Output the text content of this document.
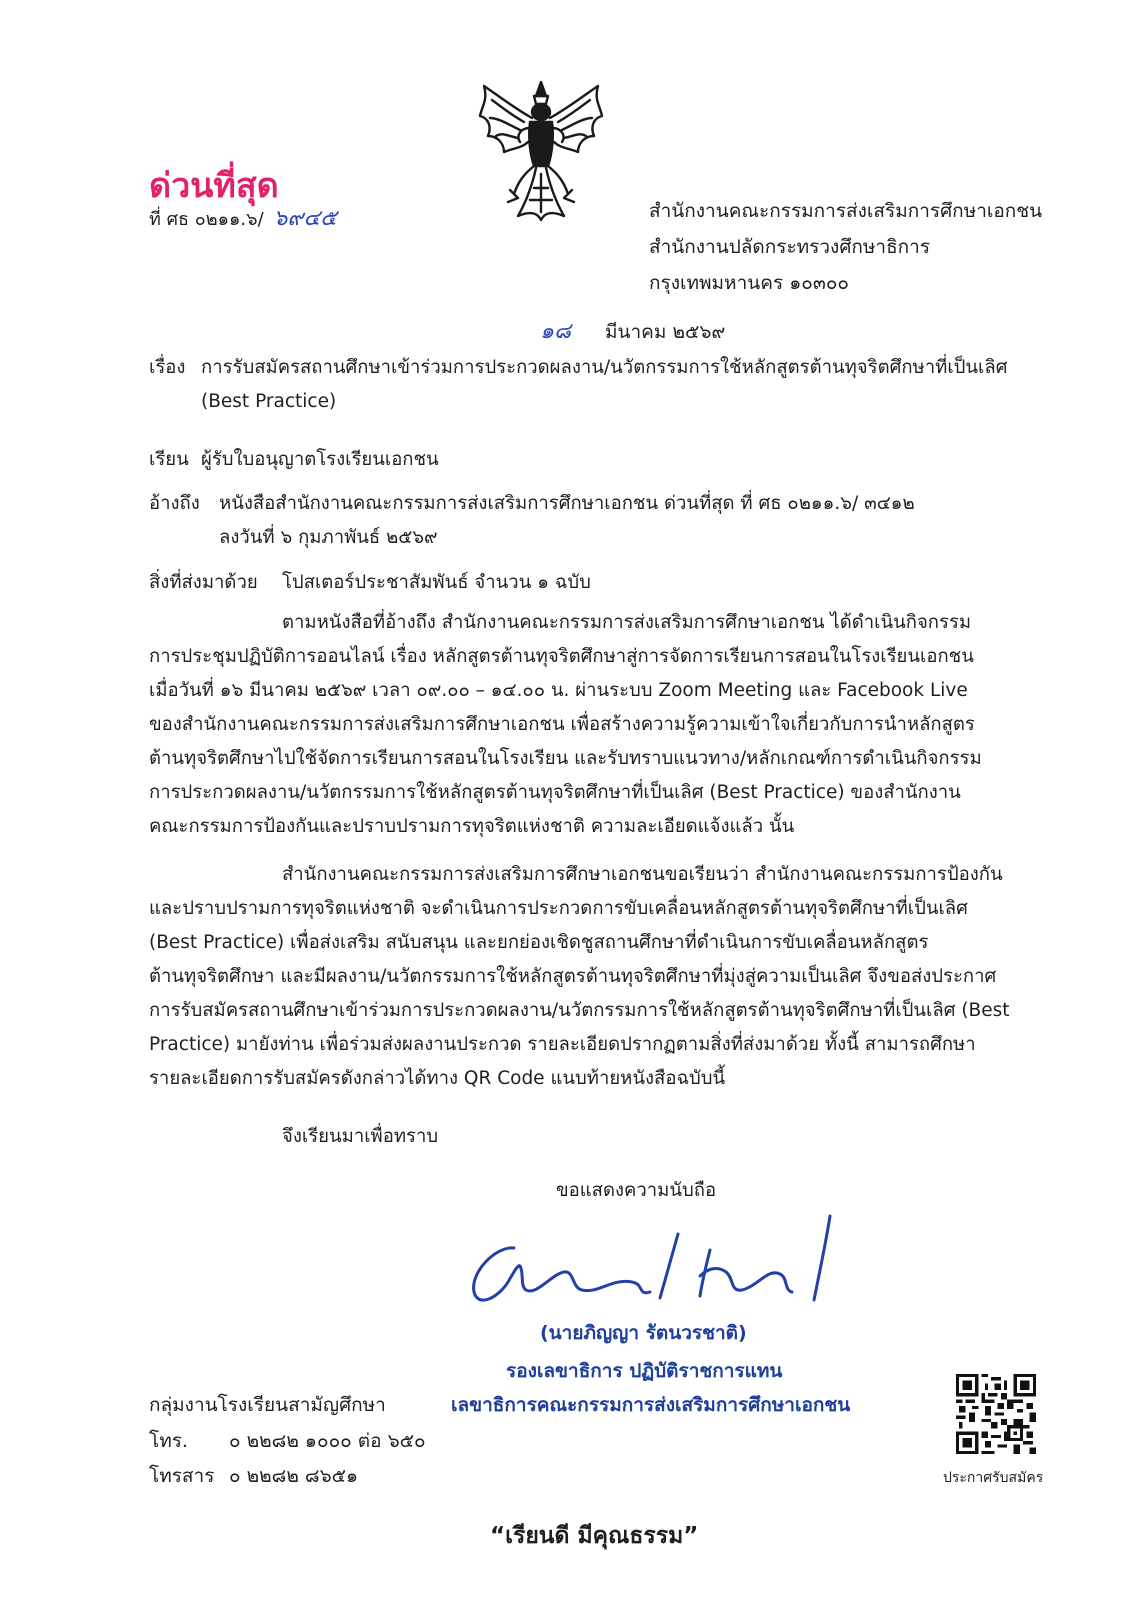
ด่วนที่สุด
ที่ ศธ ๐๒๑๑.๖/ ๖๙๔๕	สำนักงานคณะกรรมการส่งเสริมการศึกษาเอกชน
สำนักงานปลัดกระทรวงศึกษาธิการ
กรุงเทพมหานคร ๑๐๓๐๐
๑๘ มีนาคม ๒๕๖๙
เรื่อง การรับสมัครสถานศึกษาเข้าร่วมการประกวดผลงาน/นวัตกรรมการใช้หลักสูตรต้านทุจริตศึกษาที่เป็นเลิศ
(Best Practice)
เรียน ผู้รับใบอนุญาตโรงเรียนเอกชน
อ้างถึง หนังสือสำนักงานคณะกรรมการส่งเสริมการศึกษาเอกชน ด่วนที่สุด ที่ ศธ ๐๒๑๑.๖/ ๓๔๑๒
ลงวันที่ ๖ กุมภาพันธ์ ๒๕๖๙
สิ่งที่ส่งมาด้วย โปสเตอร์ประชาสัมพันธ์ จำนวน ๑ ฉบับ
ตามหนังสือที่อ้างถึง สำนักงานคณะกรรมการส่งเสริมการศึกษาเอกชน ได้ดำเนินกิจกรรม
การประชุมปฏิบัติการออนไลน์ เรื่อง หลักสูตรต้านทุจริตศึกษาสู่การจัดการเรียนการสอนในโรงเรียนเอกชน
เมื่อวันที่ ๑๖ มีนาคม ๒๕๖๙ เวลา ๐๙.๐๐ – ๑๔.๐๐ น. ผ่านระบบ Zoom Meeting และ Facebook Live
ของสำนักงานคณะกรรมการส่งเสริมการศึกษาเอกชน เพื่อสร้างความรู้ความเข้าใจเกี่ยวกับการนำหลักสูตร
ต้านทุจริตศึกษาไปใช้จัดการเรียนการสอนในโรงเรียน และรับทราบแนวทาง/หลักเกณฑ์การดำเนินกิจกรรม
การประกวดผลงาน/นวัตกรรมการใช้หลักสูตรต้านทุจริตศึกษาที่เป็นเลิศ (Best Practice) ของสำนักงาน
คณะกรรมการป้องกันและปราบปรามการทุจริตแห่งชาติ ความละเอียดแจ้งแล้ว นั้น
สำนักงานคณะกรรมการส่งเสริมการศึกษาเอกชนขอเรียนว่า สำนักงานคณะกรรมการป้องกัน
และปราบปรามการทุจริตแห่งชาติ จะดำเนินการประกวดการขับเคลื่อนหลักสูตรต้านทุจริตศึกษาที่เป็นเลิศ
(Best Practice) เพื่อส่งเสริม สนับสนุน และยกย่องเชิดชูสถานศึกษาที่ดำเนินการขับเคลื่อนหลักสูตร
ต้านทุจริตศึกษา และมีผลงาน/นวัตกรรมการใช้หลักสูตรต้านทุจริตศึกษาที่มุ่งสู่ความเป็นเลิศ จึงขอส่งประกาศ
การรับสมัครสถานศึกษาเข้าร่วมการประกวดผลงาน/นวัตกรรมการใช้หลักสูตรต้านทุจริตศึกษาที่เป็นเลิศ (Best
Practice) มายังท่าน เพื่อร่วมส่งผลงานประกวด รายละเอียดปรากฏตามสิ่งที่ส่งมาด้วย ทั้งนี้ สามารถศึกษา
รายละเอียดการรับสมัครดังกล่าวได้ทาง QR Code แนบท้ายหนังสือฉบับนี้
จึงเรียนมาเพื่อทราบ
ขอแสดงความนับถือ
(นายภิญญา รัตนวรชาติ)
รองเลขาธิการ ปฏิบัติราชการแทน
เลขาธิการคณะกรรมการส่งเสริมการศึกษาเอกชน
กลุ่มงานโรงเรียนสามัญศึกษา
โทร. ๐ ๒๒๘๒ ๑๐๐๐ ต่อ ๖๕๐
โทรสาร ๐ ๒๒๘๒ ๘๖๕๑	ประกาศรับสมัคร
“เรียนดี มีคุณธรรม”
